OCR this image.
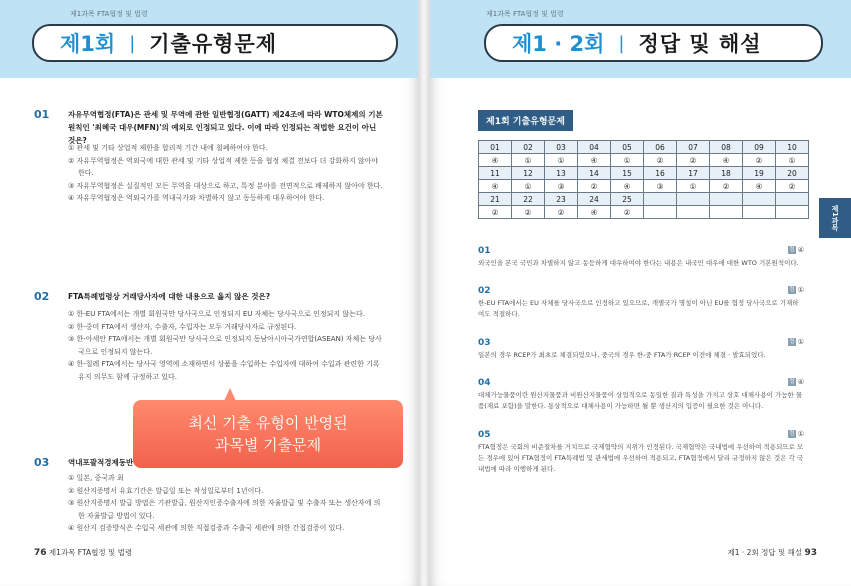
제1과목 FTA협정 및 법령
제1회 | 기출유형문제
01 자유무역협정(FTA)은 관세 및 무역에 관한 일반협정(GATT) 제24조에 따라 WTO체제의 기본원칙인 '최혜국 대우(MFN)'의 예외로 인정되고 있다. 이에 따라 인정되는 적법한 요건이 아닌 것은?
① 관세 및 기타 상업적 제한을 합리적 기간 내에 철폐하여야 한다.
② 자유무역협정은 역외국에 대한 관세 및 기타 상업적 제한 등을 협정 체결 전보다 더 강화하지 않아야 한다.
③ 자유무역협정은 실질적인 모든 무역을 대상으로 하고, 특정 분야를 전면적으로 배제하지 않아야 한다.
④ 자유무역협정은 역외국가를 역내국가와 차별하지 않고 동등하게 대우하여야 한다.
02 FTA특례법령상 거래당사자에 대한 내용으로 옳지 않은 것은?
① 한-EU FTA에서는 개별 회원국만 당사국으로 인정되지 EU 자체는 당사국으로 인정되지 않는다.
② 한-중미 FTA에서 생산자, 수출자, 수입자는 모두 거래당사자로 규정된다.
③ 한-아세안 FTA에서는 개별 회원국만 당사국으로 인정되지 동남아시아국가연합(ASEAN) 자체는 당사국으로 인정되지 않는다.
④ 한-칠레 FTA에서는 당사국 영역에 소재하면서 상품을 수입하는 수입자에 대하여 수입과 관련한 기록유지 의무도 함께 규정하고 있다.
03 역내포괄적경제동반
① 일본, 중국과 최
② 원산지증명서 유효기간은 발급일 또는 작성일로부터 1년이다.
③ 원산지증명서 발급 방법은 기관발급, 원산지인증수출자에 의한 자율발급 및 수출자 또는 생산자에 의한 자율발급 방법이 있다.
④ 원산지 검증방식은 수입국 세관에 의한 직접검증과 수출국 세관에 의한 간접검증이 있다.
76 제1과목 FTA협정 및 법령
제1과목 FTA협정 및 법령
제1 · 2회 | 정답 및 해설
제1회 기출유형문제
01	02	03	04	05	06	07	08	09	10
④	①	①	④	①	②	②	④	②	①
11	12	13	14	15	16	17	18	19	20
④	①	③	②	④	③	①	②	④	②
21	22	23	24	25					
②	②	②	④	②					
01	정 ④
외국인을 본국 국민과 차별하지 않고 동등하게 대우하여야 한다는 내용은 내국민 대우에 대한 WTO 기본원칙이다.
02	정 ①
한-EU FTA에서는 EU 자체를 당사국으로 인정하고 있으므로, 개별국가 명칭이 아닌 EU를 협정 당사국으로 기재하여도 적절하다.
03	정 ①
일본의 경우 RCEP가 최초로 체결되었으나, 중국의 경우 한-중 FTA가 RCEP 이전에 체결 · 발효되었다.
04	정 ④
대체가능물품이란 원산지물품과 비원산지물품이 상업적으로 동일한 질과 특성을 가지고 상호 대체사용이 가능한 물품(재료 포함)을 말한다. 통상적으로 대체사용이 가능하면 될 뿐 생산지의 입증이 필요한 것은 아니다.
05	정 ①
FTA협정은 국회의 비준절차를 거치므로 국제협약의 지위가 인정된다. 국제협약은 국내법에 우선하여 적용되므로 모든 경우에 있어 FTA협정이 FTA특례법 및 관세법에 우선하여 적용되고, FTA협정에서 달리 규정하지 않은 것은 각 국내법에 따라 이행하게 된다.
제1 · 2회 정답 및 해설 93
제1과목
최신 기출 유형이 반영된
과목별 기출문제
